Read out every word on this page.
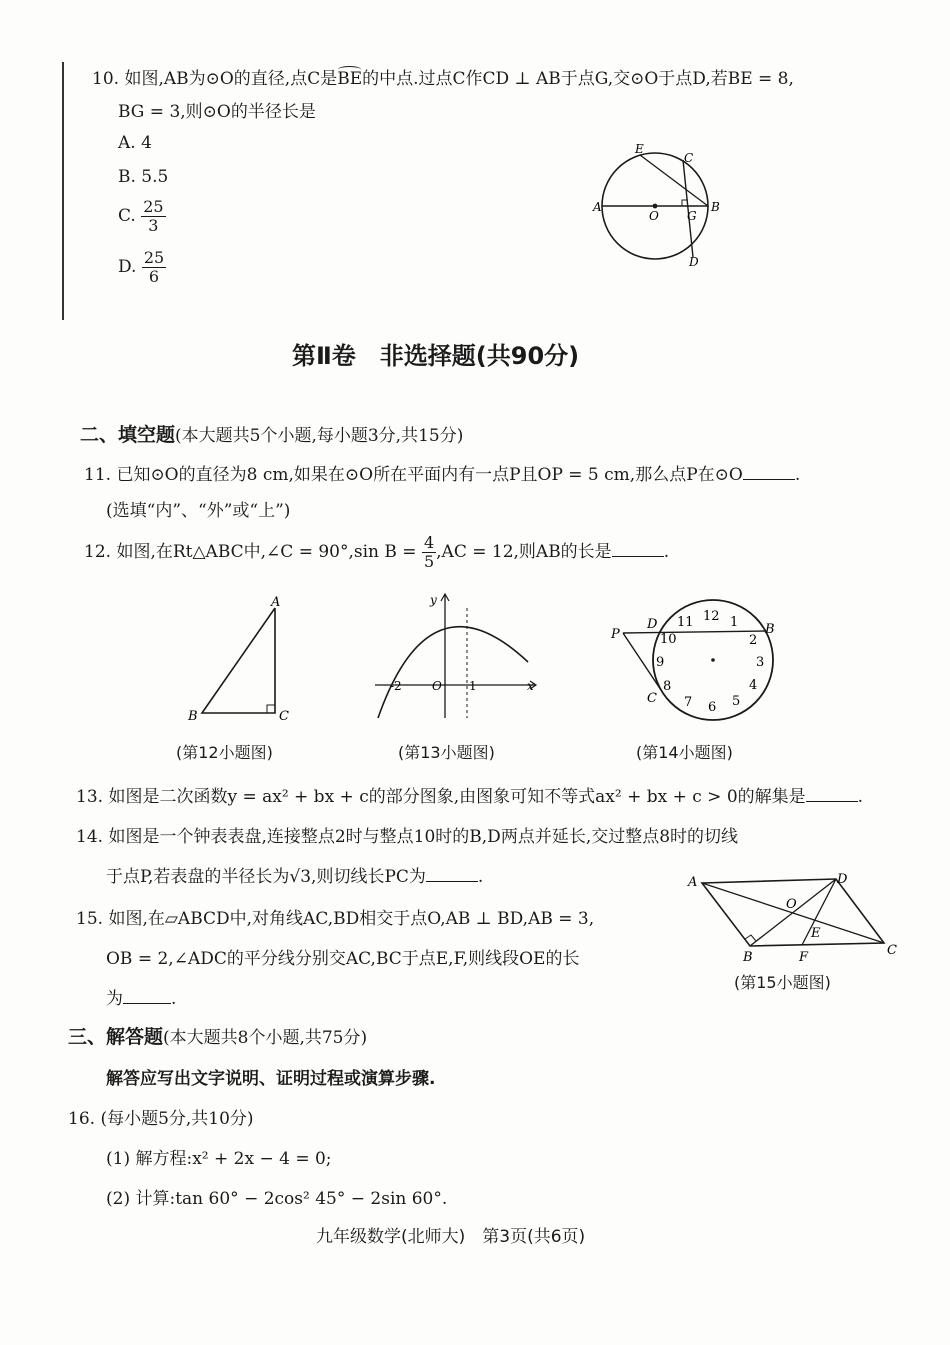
10. 如图,AB为⊙O的直径,点C是BE的中点.过点C作CD ⊥ AB于点G,交⊙O于点D,若BE = 8,
BG = 3,则⊙O的半径长是
A. 4
B. 5.5
C. $\frac{25}{3}$
D. $\frac{25}{6}$
E
C
A
O G
B
D
第Ⅱ卷　非选择题(共90分)
二、填空题(本大题共5个小题,每小题3分,共15分)
11. 已知⊙O的直径为8 cm,如果在⊙O所在平面内有一点P且OP = 5 cm,那么点P在⊙O	.
(选填“内”、“外”或“上”)
12. 如图,在Rt△ABC中,∠C = 90°,sin $B = \frac{4}{5} ,AC = 12$,则AB的长是	.
A
B	C
(第12小题图)
y
x
O
-2	1
(第13小题图)
P
D	B
C
12
11	1
10	2
9	3
8	4
7 6 5
(第14小题图)
13. 如图是二次函数y = ax² + bx + c的部分图象,由图象可知不等式ax² + bx + c > 0的解集是	.
14. 如图是一个钟表表盘,连接整点2时与整点10时的B,D两点并延长,交过整点8时的切线
于点P,若表盘的半径长为√3,则切线长PC为	.
15. 如图,在▱ABCD中,对角线AC,BD相交于点O,AB ⊥ BD,AB = 3,
OB = 2,∠ADC的平分线分别交AC,BC于点E,F,则线段OE的长
为	.
A	D
O
E
B	F	C
(第15小题图)
三、解答题(本大题共8个小题,共75分)
解答应写出文字说明、证明过程或演算步骤.
16. (每小题5分,共10分)
(1) 解方程:x² + 2x − 4 = 0;
(2) 计算:tan 60° − 2cos² 45° − 2sin 60°.
九年级数学(北师大)　第3页(共6页)
